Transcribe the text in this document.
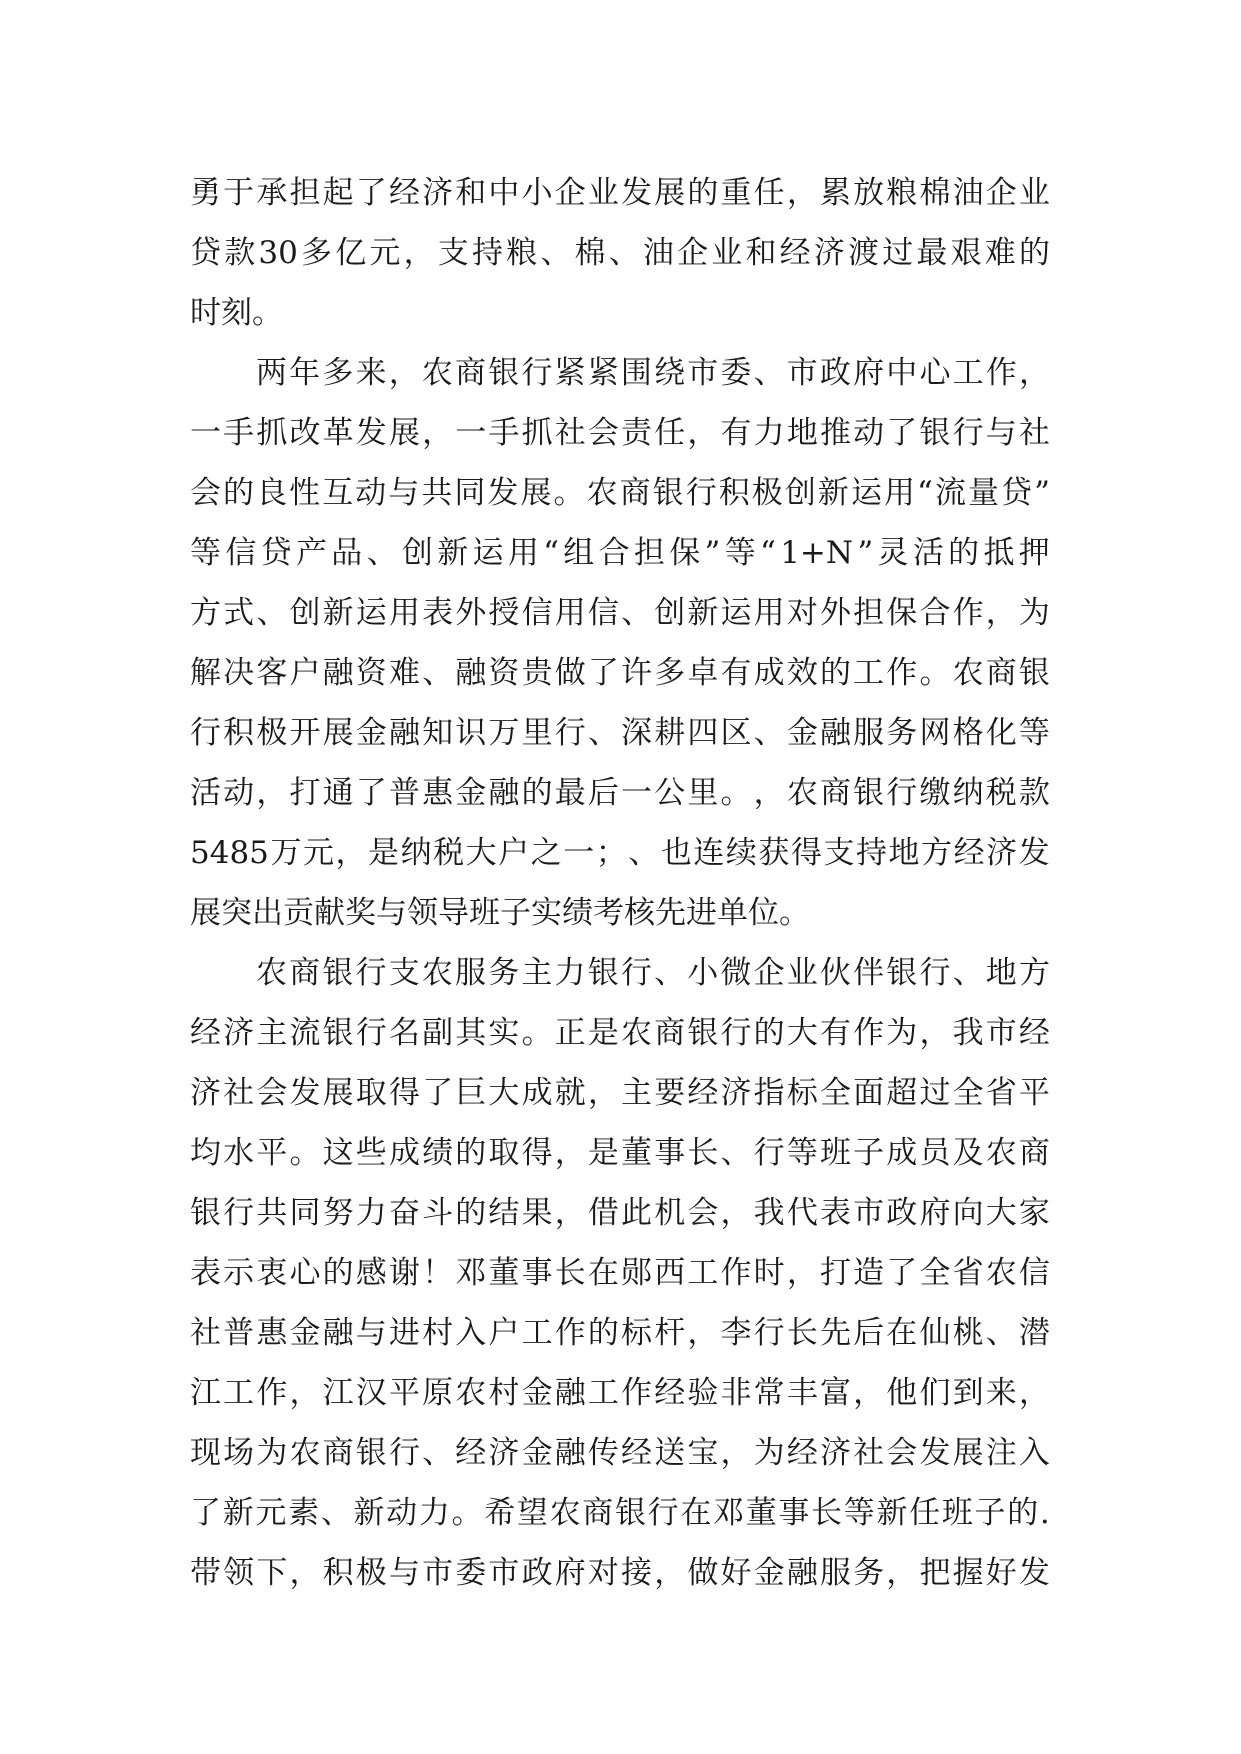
勇 于 承 担 起 了 经 济 和 中 小 企 业 发 展 的 重 任 ， 累 放 粮 棉 油 企 业
贷 款 30 多 亿 元 ， 支 持 粮 、 棉 、 油 企 业 和 经 济 渡 过 最 艰 难 的
时刻。
两 年 多 来 ， 农 商 银 行 紧 紧 围 绕 市 委 、 市 政 府 中 心 工 作 ，
一 手 抓 改 革 发 展 ， 一 手 抓 社 会 责 任 ， 有 力 地 推 动 了 银 行 与 社
会 的 良 性 互 动 与 共 同 发 展 。 农 商 银 行 积 极 创 新 运 用 “ 流 量 贷 ”
等 信 贷 产 品 、 创 新 运 用 “ 组 合 担 保 ” 等 “ 1+N ” 灵 活 的 抵 押
方 式 、 创 新 运 用 表 外 授 信 用 信 、 创 新 运 用 对 外 担 保 合 作 ， 为
解 决 客 户 融 资 难 、 融 资 贵 做 了 许 多 卓 有 成 效 的 工 作 。 农 商 银
行 积 极 开 展 金 融 知 识 万 里 行 、 深 耕 四 区 、 金 融 服 务 网 格 化 等
活 动 ， 打 通 了 普 惠 金 融 的 最 后 一 公 里 。 ， 农 商 银 行 缴 纳 税 款
5485 万 元 ， 是 纳 税 大 户 之 一 ； 、 也 连 续 获 得 支 持 地 方 经 济 发
展突出贡献奖与领导班子实绩考核先进单位。
农 商 银 行 支 农 服 务 主 力 银 行 、 小 微 企 业 伙 伴 银 行 、 地 方
经 济 主 流 银 行 名 副 其 实 。 正 是 农 商 银 行 的 大 有 作 为 ， 我 市 经
济 社 会 发 展 取 得 了 巨 大 成 就 ， 主 要 经 济 指 标 全 面 超 过 全 省 平
均 水 平 。 这 些 成 绩 的 取 得 ， 是 董 事 长 、 行 等 班 子 成 员 及 农 商
银 行 共 同 努 力 奋 斗 的 结 果 ， 借 此 机 会 ， 我 代 表 市 政 府 向 大 家
表 示 衷 心 的 感 谢 ！ 邓 董 事 长 在 郧 西 工 作 时 ， 打 造 了 全 省 农 信
社 普 惠 金 融 与 进 村 入 户 工 作 的 标 杆 ， 李 行 长 先 后 在 仙 桃 、 潜
江 工 作 ， 江 汉 平 原 农 村 金 融 工 作 经 验 非 常 丰 富 ， 他 们 到 来 ，
现 场 为 农 商 银 行 、 经 济 金 融 传 经 送 宝 ， 为 经 济 社 会 发 展 注 入
了 新 元 素 、 新 动 力 。 希 望 农 商 银 行 在 邓 董 事 长 等 新 任 班 子 的 .
带 领 下 ， 积 极 与 市 委 市 政 府 对 接 ， 做 好 金 融 服 务 ， 把 握 好 发
